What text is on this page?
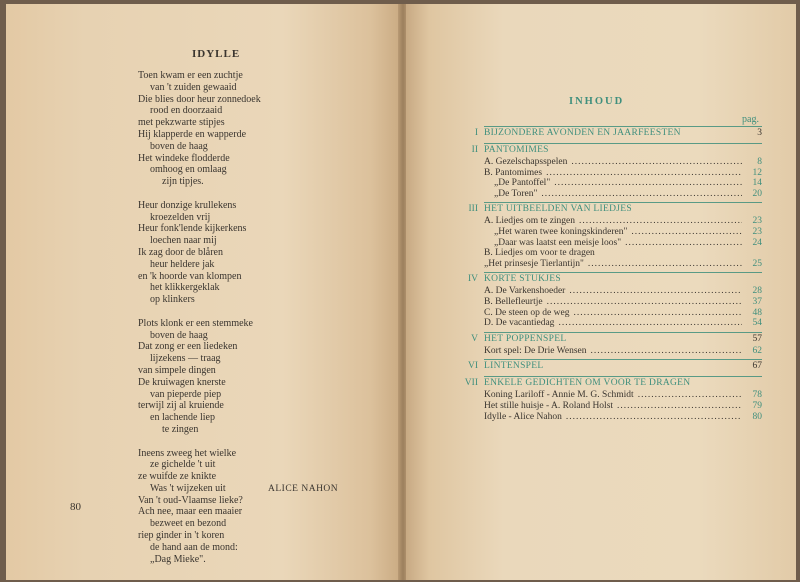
IDYLLE
Toen kwam er een zuchtje
van 't zuiden gewaaid
Die blies door heur zonnedoek
rood en doorzaaid
met pekzwarte stipjes
Hij klapperde en wapperde
boven de haag
Het windeke flodderde
omhoog en omlaag
zijn tipjes.
Heur donzige krullekens
kroezelden vrij
Heur fonk'lende kijkerkens
loechen naar mij
Ik zag door de blåren
heur heldere jak
en 'k hoorde van klompen
het klikkergeklak
op klinkers
Plots klonk er een stemmeke
boven de haag
Dat zong er een liedeken
lijzekens — traag
van simpele dingen
De kruiwagen knerste
van pieperde piep
terwijl zij al kruiende
en lachende liep
te zingen
Ineens zweeg het wielke
ze gichelde 't uit
ze wuifde ze knikte
Was 't wijzeken uit
Van 't oud-Vlaamse lieke?
Ach nee, maar een maaier
bezweet en bezond
riep ginder in 't koren
de hand aan de mond:
„Dag Mieke".
ALICE NAHON
80
INHOUD
pag.
I BIJZONDERE AVONDEN EN JAARFEESTEN	3
II PANTOMIMES
A. Gezelschapsspelen .....	8
B. Pantomimes .....	12
„De Pantoffel" .....	14
„De Toren" .....	20
III HET UITBEELDEN VAN LIEDJES
A. Liedjes om te zingen .....	23
„Het waren twee koningskinderen" .....	23
„Daar was laatst een meisje loos" .....	24
B. Liedjes om voor te dragen
„Het prinsesje Tierlantijn" .....	25
IV KORTE STUKJES
A. De Varkenshoeder .....	28
B. Bellefleurtje .....	37
C. De steen op de weg .....	48
D. De vacantiedag .....	54
V HET POPPENSPEL	57
Kort spel: De Drie Wensen .....	62
VI LINTENSPEL	67
VII ENKELE GEDICHTEN OM VOOR TE DRAGEN
Koning Lariloff - Annie M. G. Schmidt .....	78
Het stille huisje - A. Roland Holst .....	79
Idylle - Alice Nahon .....	80
